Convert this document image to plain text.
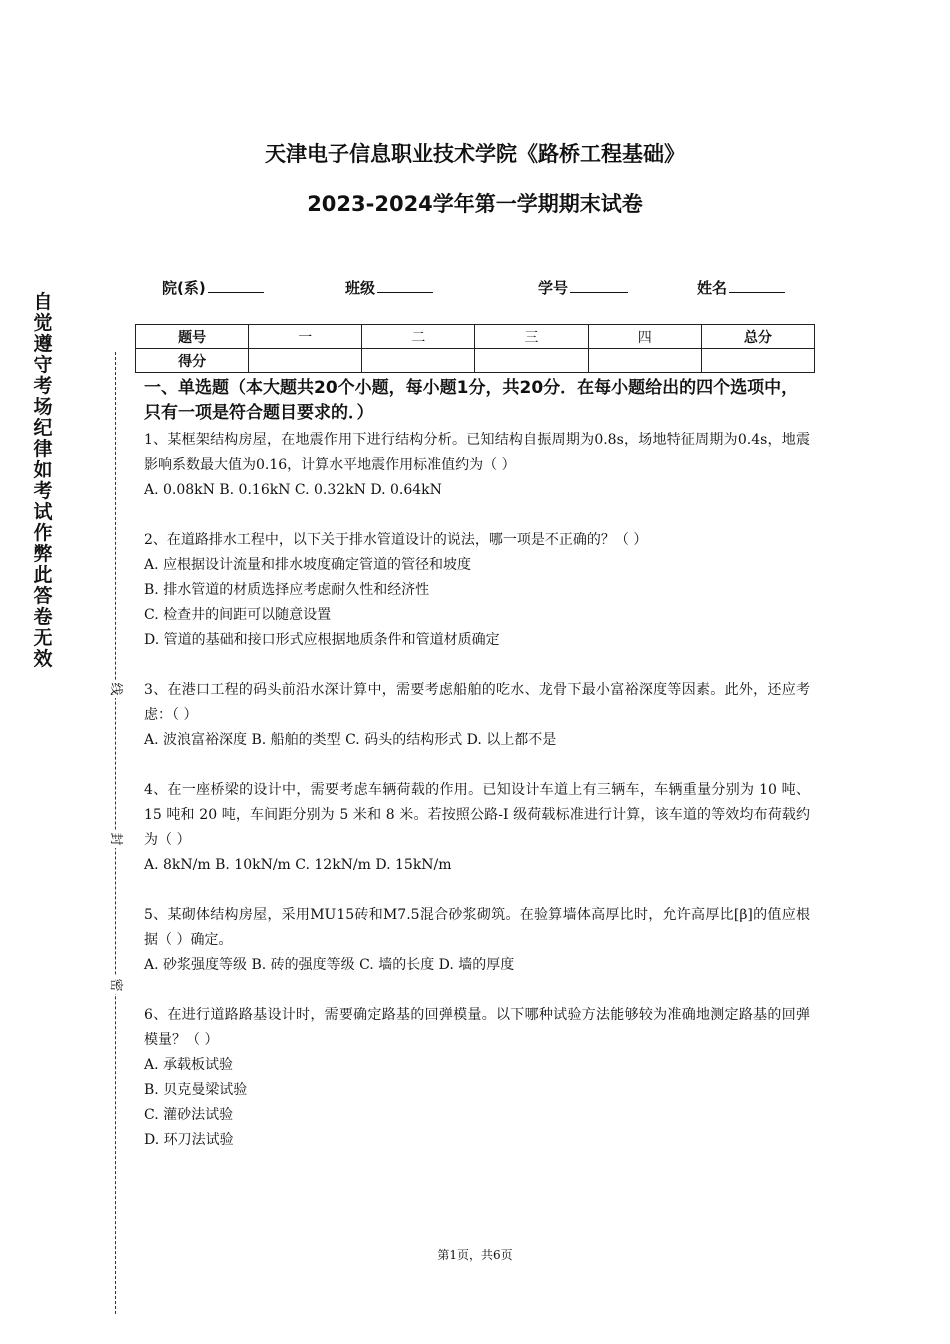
自
觉
遵
守
考
场
纪
律
如
考
试
作
弊
此
答
卷
无
效
线
封
密
天津电子信息职业技术学院《路桥工程基础》
2023-2024学年第一学期期末试卷
院(系)	班级	学号	姓名
题号	一	二	三	四	总分
得分					
一、单选题（本大题共20个小题，每小题1分，共20分．在每小题给出的四个选项中，只有一项是符合题目要求的．）

1、某框架结构房屋，在地震作用下进行结构分析。已知结构自振周期为0.8s，场地特征周期为0.4s，地震影响系数最大值为0.16，计算水平地震作用标准值约为（ ）

A. 0.08kN B. 0.16kN C. 0.32kN D. 0.64kN

2、在道路排水工程中，以下关于排水管道设计的说法，哪一项是不正确的？（ ）

A. 应根据设计流量和排水坡度确定管道的管径和坡度

B. 排水管道的材质选择应考虑耐久性和经济性

C. 检查井的间距可以随意设置

D. 管道的基础和接口形式应根据地质条件和管道材质确定

3、在港口工程的码头前沿水深计算中，需要考虑船舶的吃水、龙骨下最小富裕深度等因素。此外，还应考虑：（ ）

A. 波浪富裕深度 B. 船舶的类型 C. 码头的结构形式 D. 以上都不是

4、在一座桥梁的设计中，需要考虑车辆荷载的作用。已知设计车道上有三辆车，车辆重量分别为 10 吨、15 吨和 20 吨，车间距分别为 5 米和 8 米。若按照公路-I 级荷载标准进行计算，该车道的等效均布荷载约为（ ）

A. 8kN/m B. 10kN/m C. 12kN/m D. 15kN/m

5、某砌体结构房屋，采用MU15砖和M7.5混合砂浆砌筑。在验算墙体高厚比时，允许高厚比[β]的值应根据（ ）确定。

A. 砂浆强度等级 B. 砖的强度等级 C. 墙的长度 D. 墙的厚度

6、在进行道路路基设计时，需要确定路基的回弹模量。以下哪种试验方法能够较为准确地测定路基的回弹模量？（ ）

A. 承载板试验

B. 贝克曼梁试验

C. 灌砂法试验

D. 环刀法试验

第1页，共6页
